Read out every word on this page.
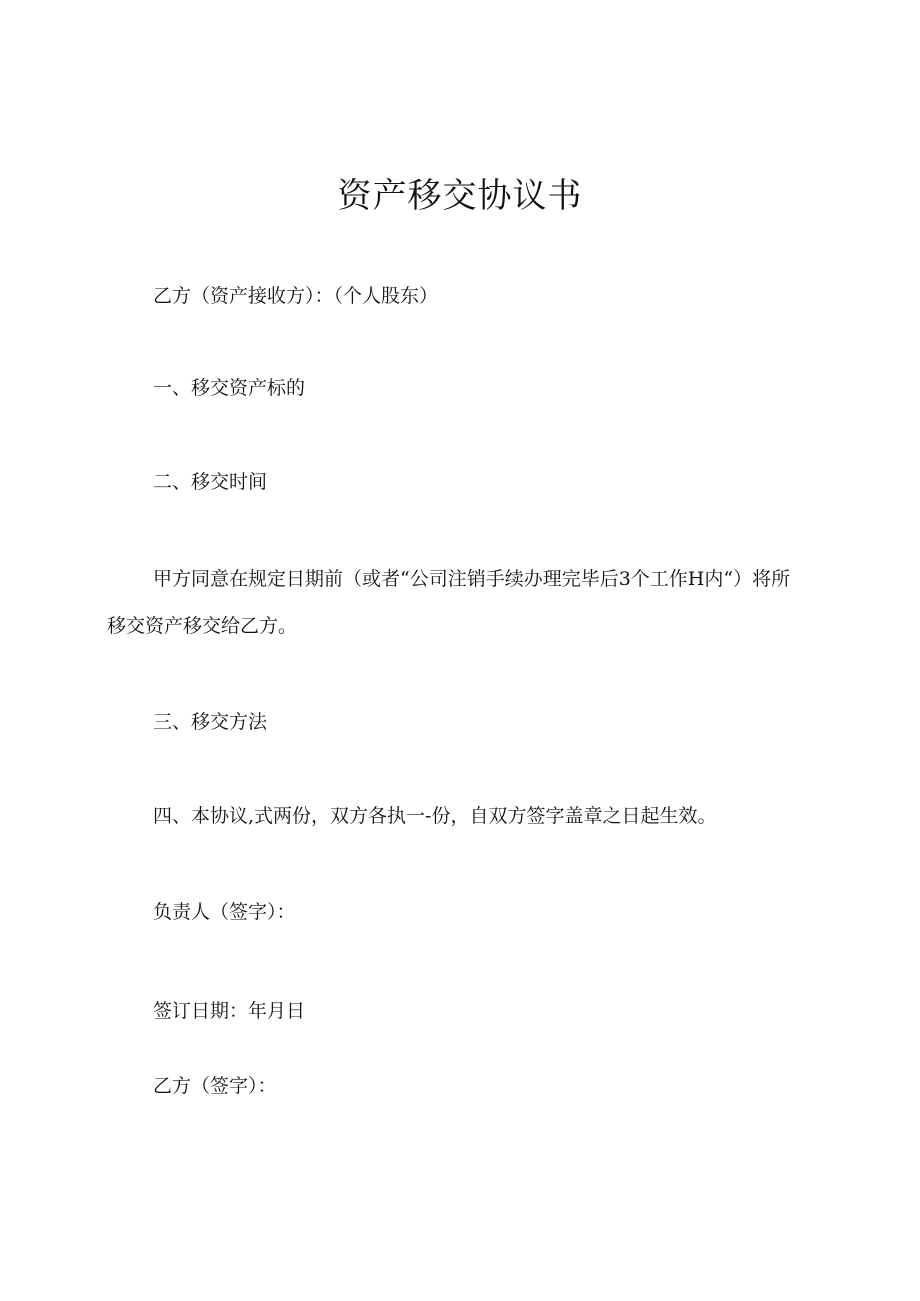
资产移交协议书
乙方（资产接收方）：（个人股东）
一、移交资产标的
二、移交时间
甲方同意在规定日期前（或者“公司注销手续办理完毕后3个工作H内“）将所移交资产移交给乙方。
三、移交方法
四、本协议,式两份，双方各执一-份，自双方签字盖章之日起生效。
负责人（签字）：
签订日期：年月日
乙方（签字）：
